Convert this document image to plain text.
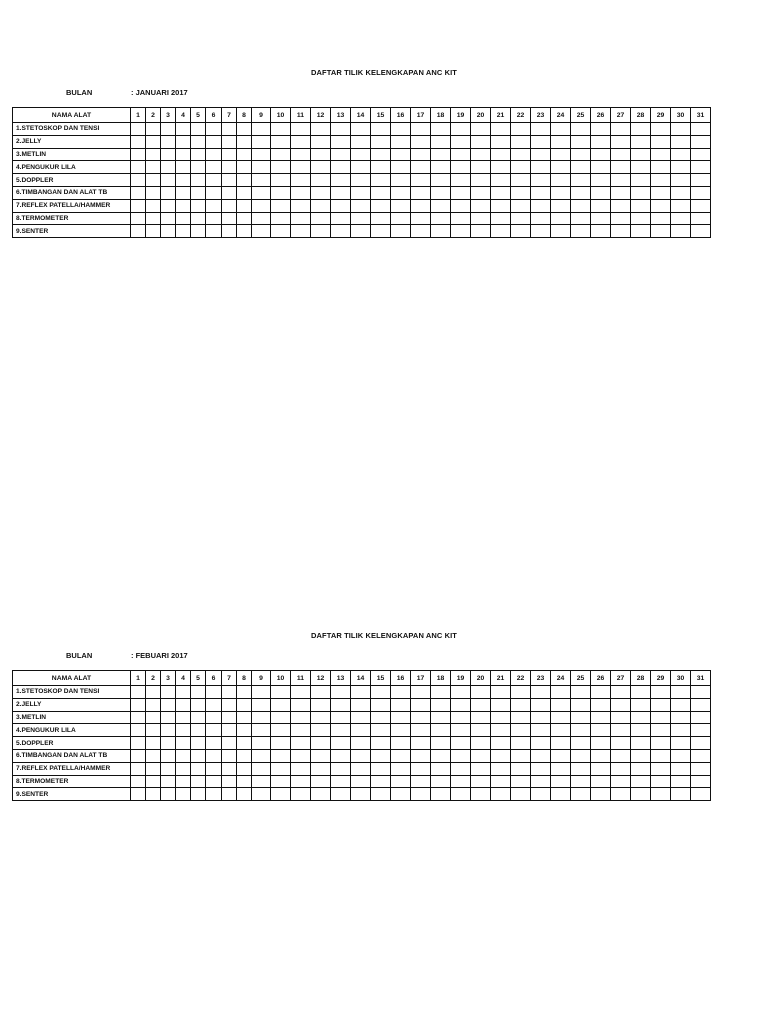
DAFTAR TILIK KELENGKAPAN ANC KIT
BULAN	: JANUARI 2017
NAMA ALAT	1	2	3	4	5	6	7	8	9	10	11	12	13	14	15	16	17	18	19	20	21	22	23	24	25	26	27	28	29	30	31
1.STETOSKOP DAN TENSI																															
2.JELLY																															
3.METLIN																															
4.PENGUKUR LILA																															
5.DOPPLER																															
6.TIMBANGAN DAN ALAT TB																															
7.REFLEX PATELLA/HAMMER																															
8.TERMOMETER																															
9.SENTER																															
DAFTAR TILIK KELENGKAPAN ANC KIT
BULAN	: FEBUARI 2017
NAMA ALAT	1	2	3	4	5	6	7	8	9	10	11	12	13	14	15	16	17	18	19	20	21	22	23	24	25	26	27	28	29	30	31
1.STETOSKOP DAN TENSI																															
2.JELLY																															
3.METLIN																															
4.PENGUKUR LILA																															
5.DOPPLER																															
6.TIMBANGAN DAN ALAT TB																															
7.REFLEX PATELLA/HAMMER																															
8.TERMOMETER																															
9.SENTER																															
